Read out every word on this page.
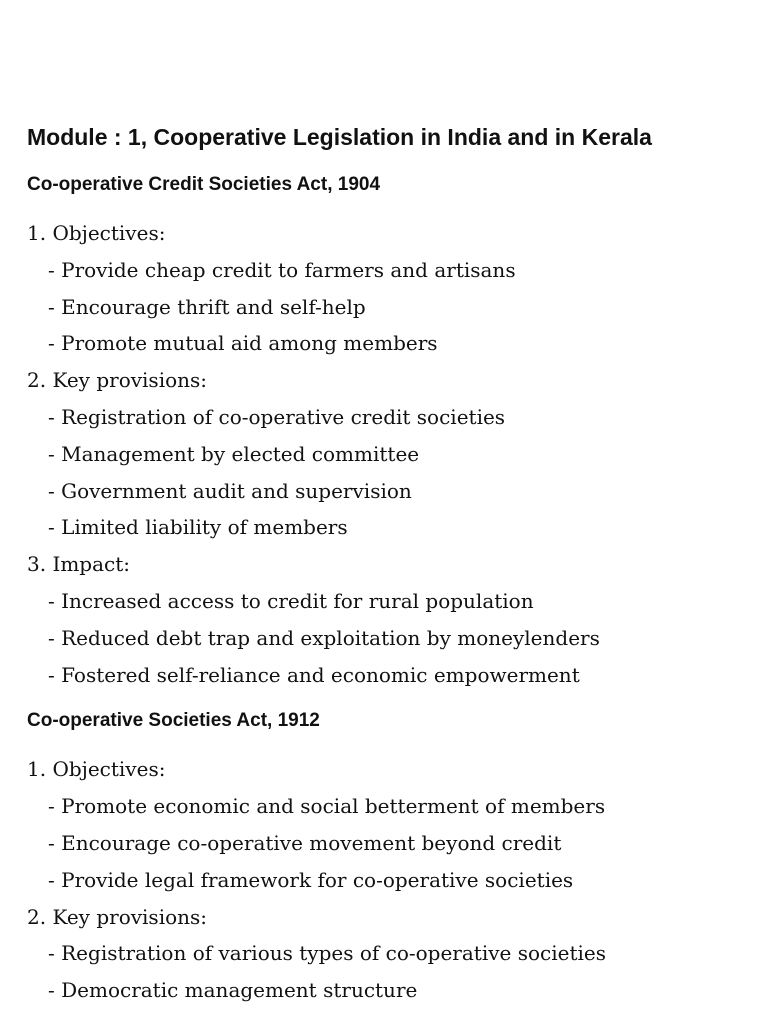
Module : 1, Cooperative Legislation in India and in Kerala
Co-operative Credit Societies Act, 1904

1. Objectives:

- Provide cheap credit to farmers and artisans

- Encourage thrift and self-help

- Promote mutual aid among members

2. Key provisions:

- Registration of co-operative credit societies

- Management by elected committee

- Government audit and supervision

- Limited liability of members

3. Impact:

- Increased access to credit for rural population

- Reduced debt trap and exploitation by moneylenders

- Fostered self-reliance and economic empowerment

Co-operative Societies Act, 1912

1. Objectives:

- Promote economic and social betterment of members

- Encourage co-operative movement beyond credit

- Provide legal framework for co-operative societies

2. Key provisions:

- Registration of various types of co-operative societies

- Democratic management structure
